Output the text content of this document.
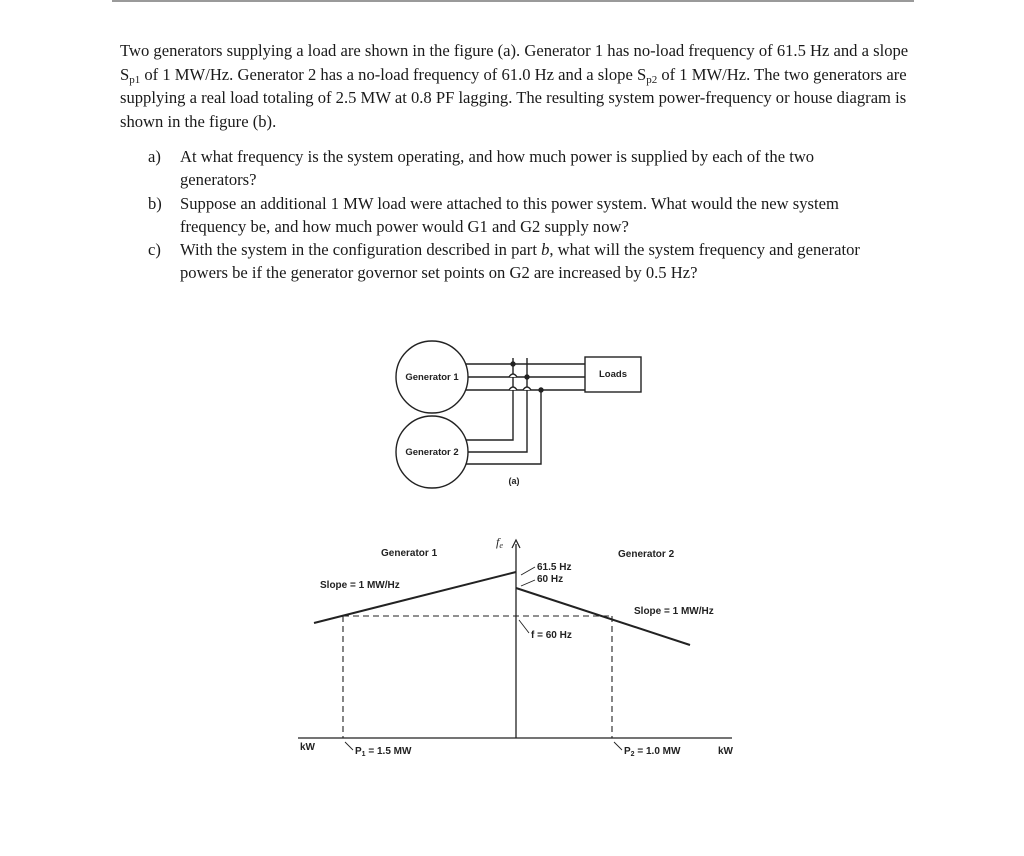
Two generators supplying a load are shown in the figure (a). Generator 1 has no-load frequency of 61.5 Hz and a slope $S_{p1}$ of 1 MW/Hz. Generator 2 has a no-load frequency of 61.0 Hz and a slope $S_{p2}$ of 1 MW/Hz. The two generators are supplying a real load totaling of 2.5 MW at 0.8 PF lagging. The resulting system power-frequency or house diagram is shown in the figure (b).

a) At what frequency is the system operating, and how much power is supplied by each of the two generators?
b) Suppose an additional 1 MW load were attached to this power system. What would the new system frequency be, and how much power would G1 and G2 supply now?
c) With the system in the configuration described in part b, what will the system frequency and generator powers be if the generator governor set points on G2 are increased by 0.5 Hz?
Generator 1
Generator 2
Loads
(a)
fe
Generator 1	Generator 2
Slope = 1 MW/Hz
Slope = 1 MW/Hz
61.5 Hz
60 Hz
f = 60 Hz
$P_1 = 1.5$ MW	$P_2 = 1.0$ MW
kW	kW
